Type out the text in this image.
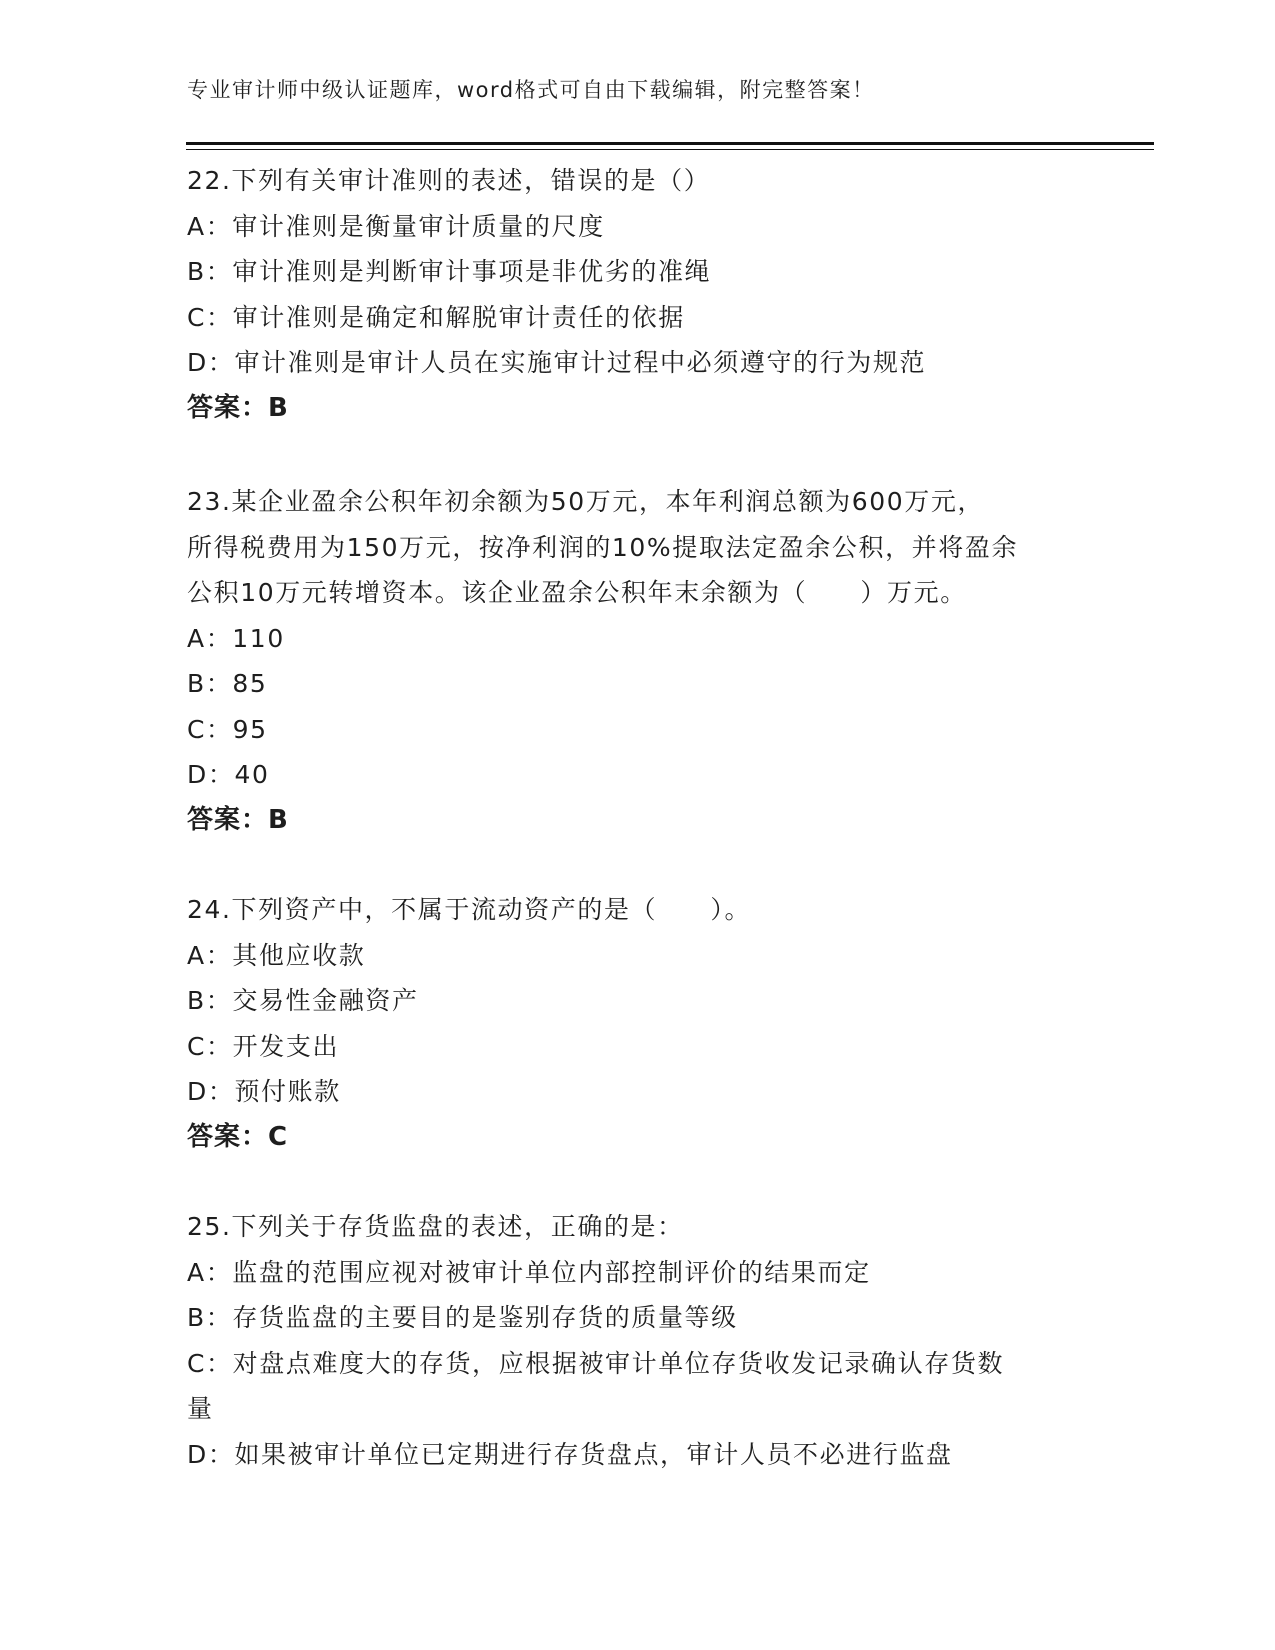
专业审计师中级认证题库，word格式可自由下载编辑，附完整答案！
22.下列有关审计准则的表述，错误的是（）
A：审计准则是衡量审计质量的尺度
B：审计准则是判断审计事项是非优劣的准绳
C：审计准则是确定和解脱审计责任的依据
D：审计准则是审计人员在实施审计过程中必须遵守的行为规范
答案：B
23.某企业盈余公积年初余额为50万元，本年利润总额为600万元，
所得税费用为150万元，按净利润的10%提取法定盈余公积，并将盈余
公积10万元转增资本。该企业盈余公积年末余额为（　　）万元。
A：110
B：85
C：95
D：40
答案：B
24.下列资产中，不属于流动资产的是（　　）。
A：其他应收款
B：交易性金融资产
C：开发支出
D：预付账款
答案：C
25.下列关于存货监盘的表述，正确的是：
A：监盘的范围应视对被审计单位内部控制评价的结果而定
B：存货监盘的主要目的是鉴别存货的质量等级
C：对盘点难度大的存货，应根据被审计单位存货收发记录确认存货数
量
D：如果被审计单位已定期进行存货盘点，审计人员不必进行监盘
